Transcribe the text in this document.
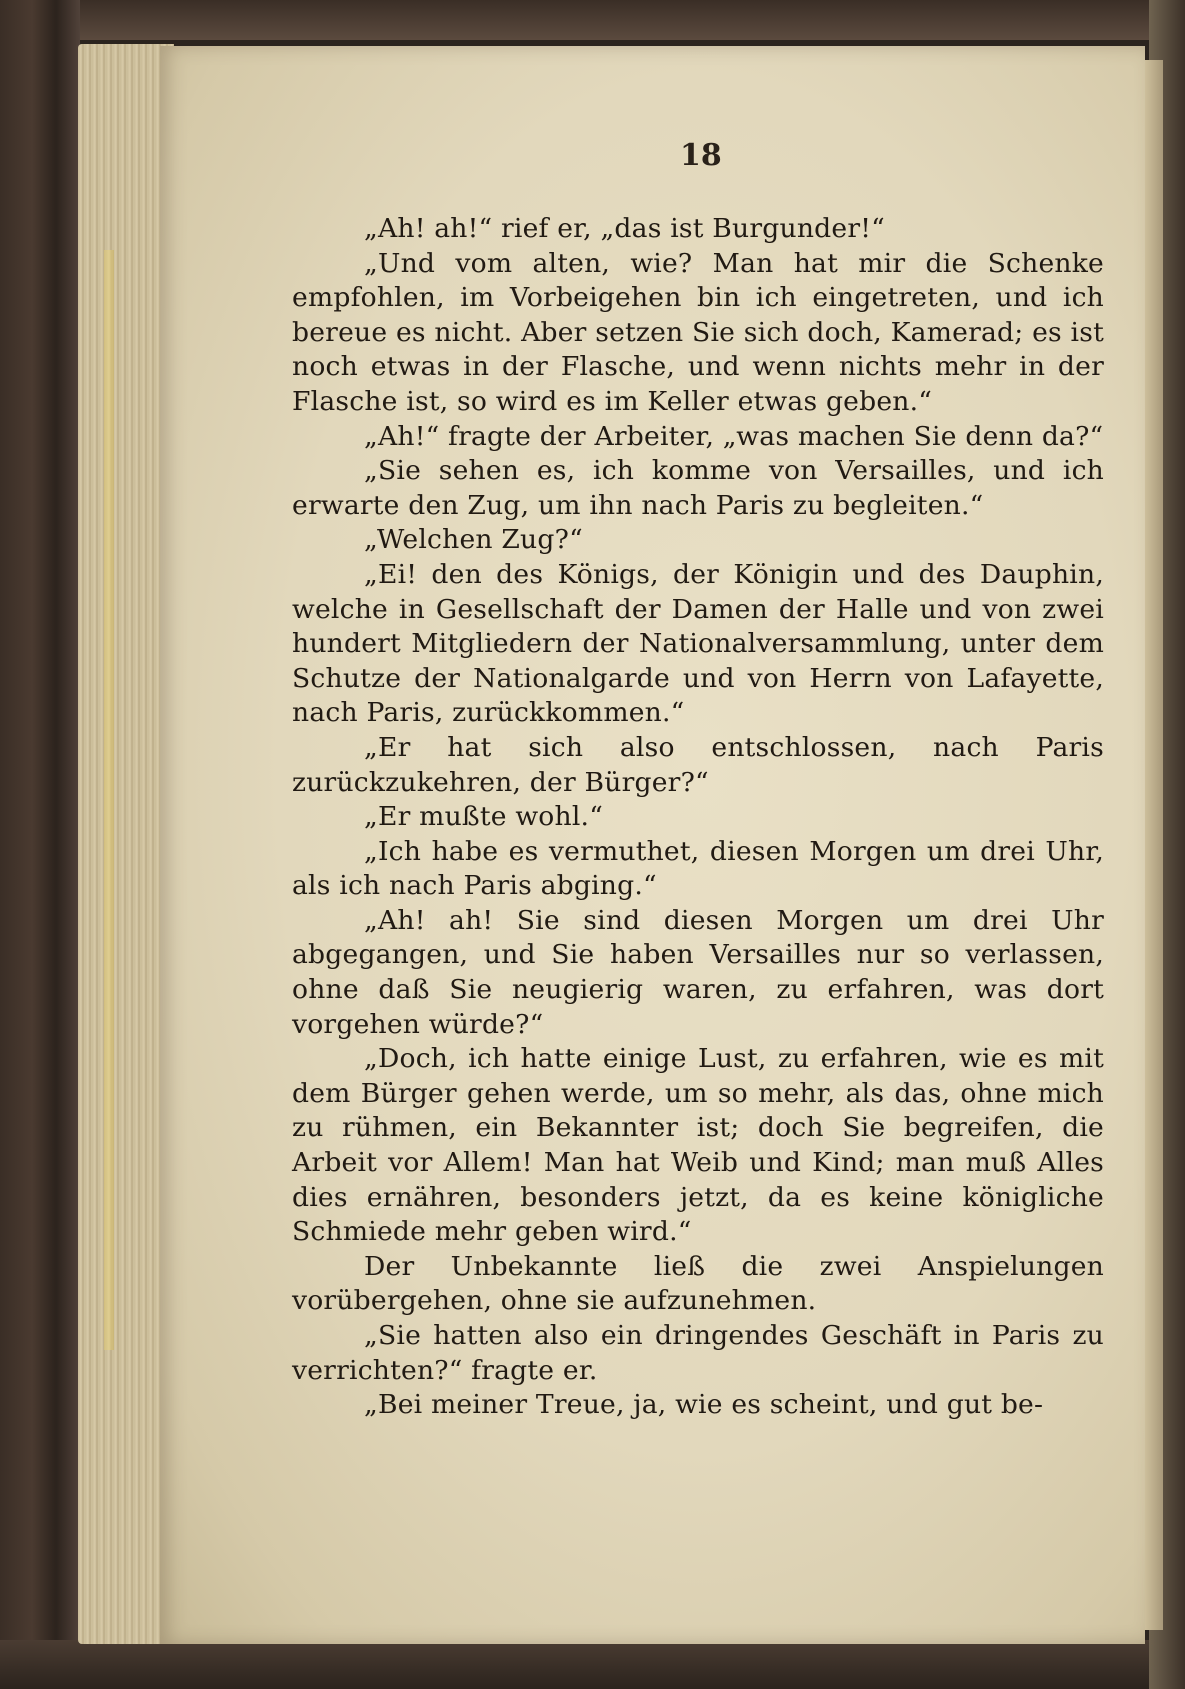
18

„Ah! ah!“ rief er, „das ist Burgunder!“

„Und vom alten, wie? Man hat mir die Schenke empfohlen, im Vorbeigehen bin ich eingetreten, und ich bereue es nicht. Aber setzen Sie sich doch, Kamerad; es ist noch etwas in der Flasche, und wenn nichts mehr in der Flasche ist, so wird es im Keller etwas geben.“

„Ah!“ fragte der Arbeiter, „was machen Sie denn da?“

„Sie sehen es, ich komme von Versailles, und ich erwarte den Zug, um ihn nach Paris zu begleiten.“

„Welchen Zug?“

„Ei! den des Königs, der Königin und des Dauphin, welche in Gesellschaft der Damen der Halle und von zwei hundert Mitgliedern der Nationalversammlung, unter dem Schutze der Nationalgarde und von Herrn von Lafayette, nach Paris, zurückkommen.“

„Er hat sich also entschlossen, nach Paris zurückzukehren, der Bürger?“

„Er mußte wohl.“

„Ich habe es vermuthet, diesen Morgen um drei Uhr, als ich nach Paris abging.“

„Ah! ah! Sie sind diesen Morgen um drei Uhr abgegangen, und Sie haben Versailles nur so verlassen, ohne daß Sie neugierig waren, zu erfahren, was dort vorgehen würde?“

„Doch, ich hatte einige Lust, zu erfahren, wie es mit dem Bürger gehen werde, um so mehr, als das, ohne mich zu rühmen, ein Bekannter ist; doch Sie begreifen, die Arbeit vor Allem! Man hat Weib und Kind; man muß Alles dies ernähren, besonders jetzt, da es keine königliche Schmiede mehr geben wird.“

Der Unbekannte ließ die zwei Anspielungen vorübergehen, ohne sie aufzunehmen.

„Sie hatten also ein dringendes Geschäft in Paris zu verrichten?“ fragte er.

„Bei meiner Treue, ja, wie es scheint, und gut be-
